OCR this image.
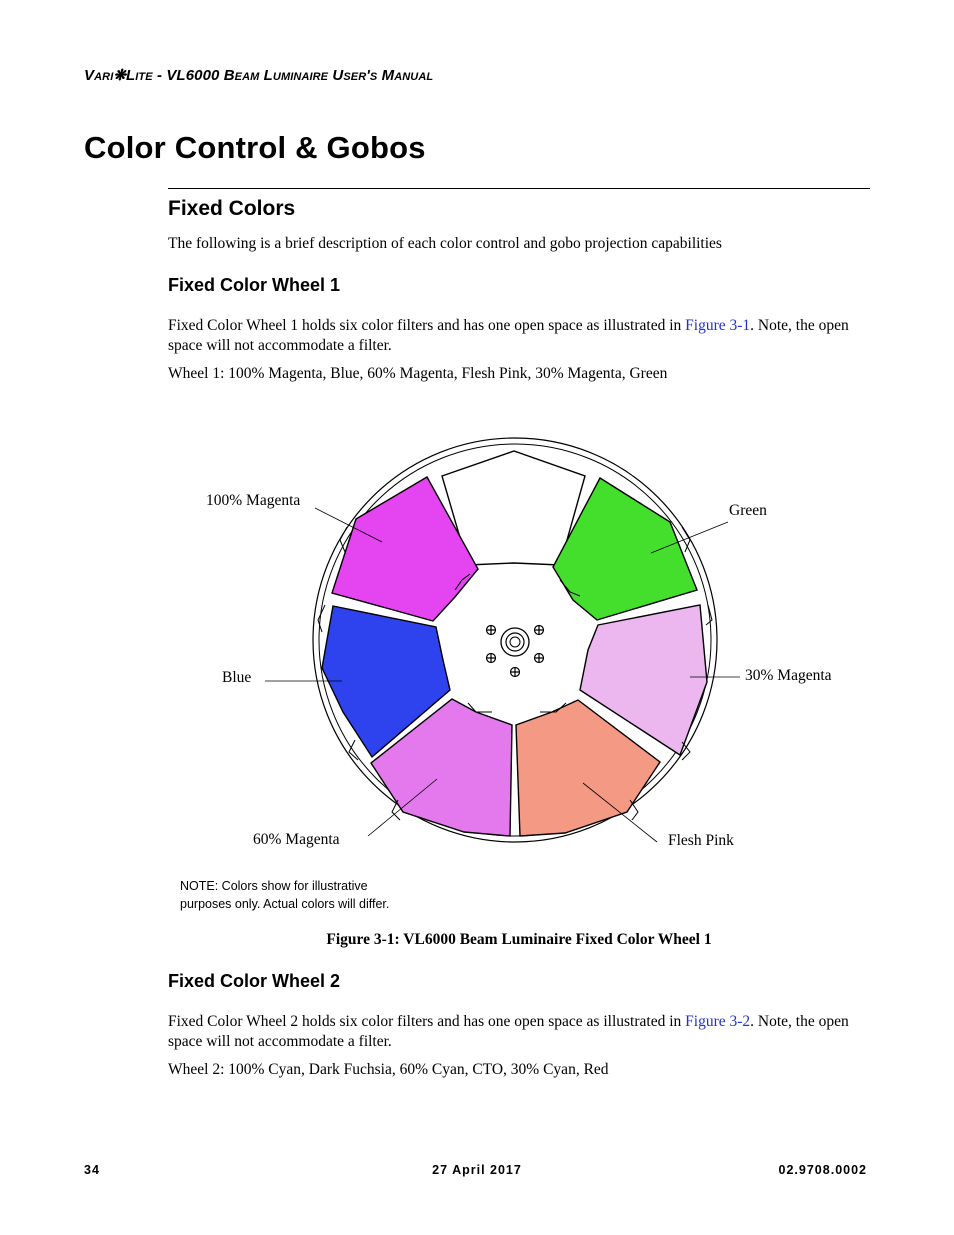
Vari❋Lite - VL6000 Beam Luminaire User's Manual
Color Control & Gobos
Fixed Colors
The following is a brief description of each color control and gobo projection capabilities
Fixed Color Wheel 1
Fixed Color Wheel 1 holds six color filters and has one open space as illustrated in Figure 3-1. Note, the open space will not accommodate a filter.
Wheel 1: 100% Magenta, Blue, 60% Magenta, Flesh Pink, 30% Magenta, Green
100% Magenta
Green
Blue	30% Magenta
60% Magenta	Flesh Pink
NOTE: Colors show for illustrative
purposes only. Actual colors will differ.
Figure 3-1: VL6000 Beam Luminaire Fixed Color Wheel 1
Fixed Color Wheel 2
Fixed Color Wheel 2 holds six color filters and has one open space as illustrated in Figure 3-2. Note, the open space will not accommodate a filter.
Wheel 2: 100% Cyan, Dark Fuchsia, 60% Cyan, CTO, 30% Cyan, Red
34	27 April 2017	02.9708.0002
